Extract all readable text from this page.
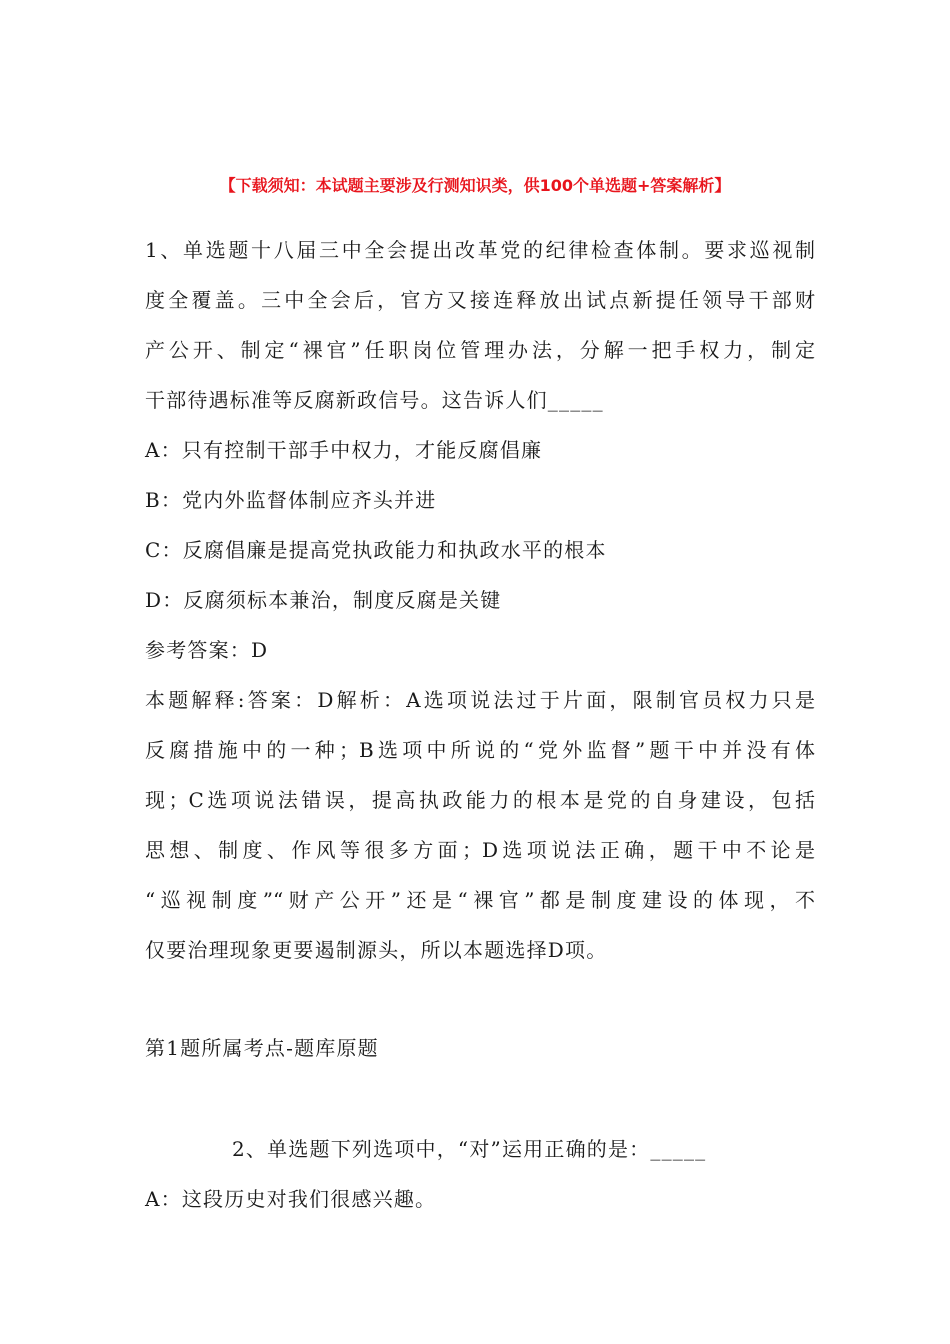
【下载须知：本试题主要涉及行测知识类，供100个单选题+答案解析】
1、单选题十八届三中全会提出改革党的纪律检查体制。要求巡视制
度全覆盖。三中全会后，官方又接连释放出试点新提任领导干部财
产公开、制定“裸官”任职岗位管理办法，分解一把手权力，制定
干部待遇标准等反腐新政信号。这告诉人们_____
A：只有控制干部手中权力，才能反腐倡廉
B：党内外监督体制应齐头并进
C：反腐倡廉是提高党执政能力和执政水平的根本
D：反腐须标本兼治，制度反腐是关键
参考答案：D
本题解释:答案：D解析：A选项说法过于片面，限制官员权力只是
反腐措施中的一种；B选项中所说的“党外监督”题干中并没有体
现；C选项说法错误，提高执政能力的根本是党的自身建设，包括
思想、制度、作风等很多方面；D选项说法正确，题干中不论是
“巡视制度”“财产公开”还是“裸官”都是制度建设的体现，不
仅要治理现象更要遏制源头，所以本题选择D项。
第1题所属考点-题库原题
2、单选题下列选项中，“对”运用正确的是：_____
A：这段历史对我们很感兴趣。
